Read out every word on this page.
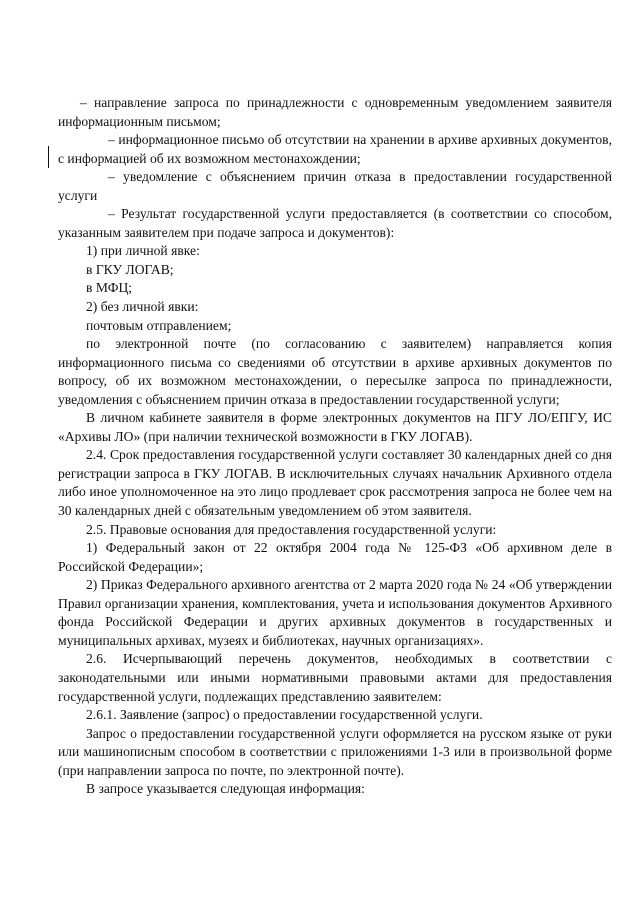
– направление запроса по принадлежности с одновременным уведомлением заявителя информационным письмом;

– информационное письмо об отсутствии на хранении в архиве архивных документов, с информацией об их возможном местонахождении;

– уведомление с объяснением причин отказа в предоставлении государственной услуги

– Результат государственной услуги предоставляется (в соответствии со способом, указанным заявителем при подаче запроса и документов):

1) при личной явке:

в ГКУ ЛОГАВ;

в МФЦ;

2) без личной явки:

почтовым отправлением;

по электронной почте (по согласованию с заявителем) направляется копия информационного письма со сведениями об отсутствии в архиве архивных документов по вопросу, об их возможном местонахождении, о пересылке запроса по принадлежности, уведомления с объяснением причин отказа в предоставлении государственной услуги;

В личном кабинете заявителя в форме электронных документов на ПГУ ЛО/ЕПГУ, ИС «Архивы ЛО» (при наличии технической возможности в ГКУ ЛОГАВ).

2.4. Срок предоставления государственной услуги составляет 30 календарных дней со дня регистрации запроса в ГКУ ЛОГАВ. В исключительных случаях начальник Архивного отдела либо иное уполномоченное на это лицо продлевает срок рассмотрения запроса не более чем на 30 календарных дней с обязательным уведомлением об этом заявителя.

2.5. Правовые основания для предоставления государственной услуги:

1) Федеральный закон от 22 октября 2004 года № 125-ФЗ «Об архивном деле в Российской Федерации»;

2) Приказ Федерального архивного агентства от 2 марта 2020 года № 24 «Об утверждении Правил организации хранения, комплектования, учета и использования документов Архивного фонда Российской Федерации и других архивных документов в государственных и муниципальных архивах, музеях и библиотеках, научных организациях».

2.6. Исчерпывающий перечень документов, необходимых в соответствии с законодательными или иными нормативными правовыми актами для предоставления государственной услуги, подлежащих представлению заявителем:

2.6.1. Заявление (запрос) о предоставлении государственной услуги.

Запрос о предоставлении государственной услуги оформляется на русском языке от руки или машинописным способом в соответствии с приложениями 1-3 или в произвольной форме (при направлении запроса по почте, по электронной почте).

В запросе указывается следующая информация:
